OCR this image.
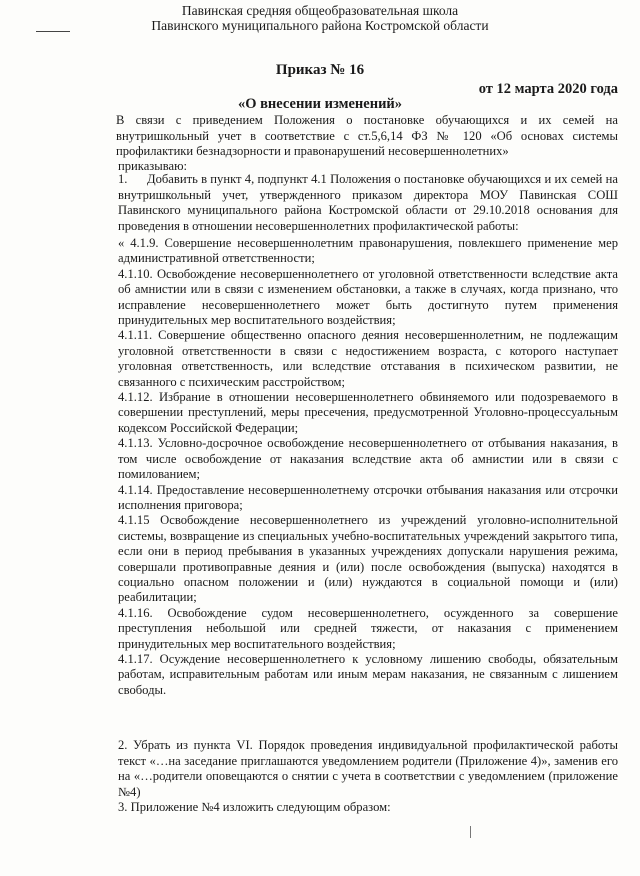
Павинская средняя общеобразовательная школа
Павинского муниципального района Костромской области
Приказ № 16
от 12 марта 2020 года
«О внесении изменений»

В связи с приведением Положения о постановке обучающихся и их семей на внутришкольный учет в соответствие с ст.5,6,14 ФЗ № 120 «Об основах системы профилактики безнадзорности и правонарушений несовершеннолетних»

приказываю:

1.      Добавить в пункт 4, подпункт 4.1 Положения о постановке обучающихся и их семей на внутришкольный учет, утвержденного приказом директора МОУ Павинская СОШ Павинского муниципального района Костромской области от 29.10.2018 основания для проведения в отношении несовершеннолетних профилактической работы:

« 4.1.9. Совершение несовершеннолетним правонарушения, повлекшего применение мер административной ответственности;

4.1.10. Освобождение несовершеннолетнего от уголовной ответственности вследствие акта об амнистии или в связи с изменением обстановки, а также в случаях, когда признано, что исправление несовершеннолетнего может быть достигнуто путем применения принудительных мер воспитательного воздействия;

4.1.11. Совершение общественно опасного деяния несовершеннолетним, не подлежащим уголовной ответственности в связи с недостижением возраста, с которого наступает уголовная ответственность, или вследствие отставания в психическом развитии, не связанного с психическим расстройством;

4.1.12. Избрание в отношении несовершеннолетнего обвиняемого или подозреваемого в совершении преступлений, меры пресечения, предусмотренной Уголовно-процессуальным кодексом Российской Федерации;

4.1.13. Условно-досрочное освобождение несовершеннолетнего от отбывания наказания, в том числе освобождение от наказания вследствие акта об амнистии или в связи с помилованием;

4.1.14. Предоставление несовершеннолетнему отсрочки отбывания наказания или отсрочки исполнения приговора;

4.1.15 Освобождение несовершеннолетнего из учреждений уголовно-исполнительной системы, возвращение из специальных учебно-воспитательных учреждений закрытого типа, если они в период пребывания в указанных учреждениях допускали нарушения режима, совершали противоправные деяния и (или) после освобождения (выпуска) находятся в социально опасном положении и (или) нуждаются в социальной помощи и (или) реабилитации;

4.1.16. Освобождение судом несовершеннолетнего, осужденного за совершение преступления небольшой или средней тяжести, от наказания с применением принудительных мер воспитательного воздействия;

4.1.17. Осуждение несовершеннолетнего к условному лишению свободы, обязательным работам, исправительным работам или иным мерам наказания, не связанным с лишением свободы.

2. Убрать из пункта VI. Порядок проведения индивидуальной профилактической работы текст «…на заседание приглашаются уведомлением родители (Приложение 4)», заменив его на «…родители оповещаются о снятии с учета в соответствии с уведомлением (приложение №4)

3. Приложение №4 изложить следующим образом:
